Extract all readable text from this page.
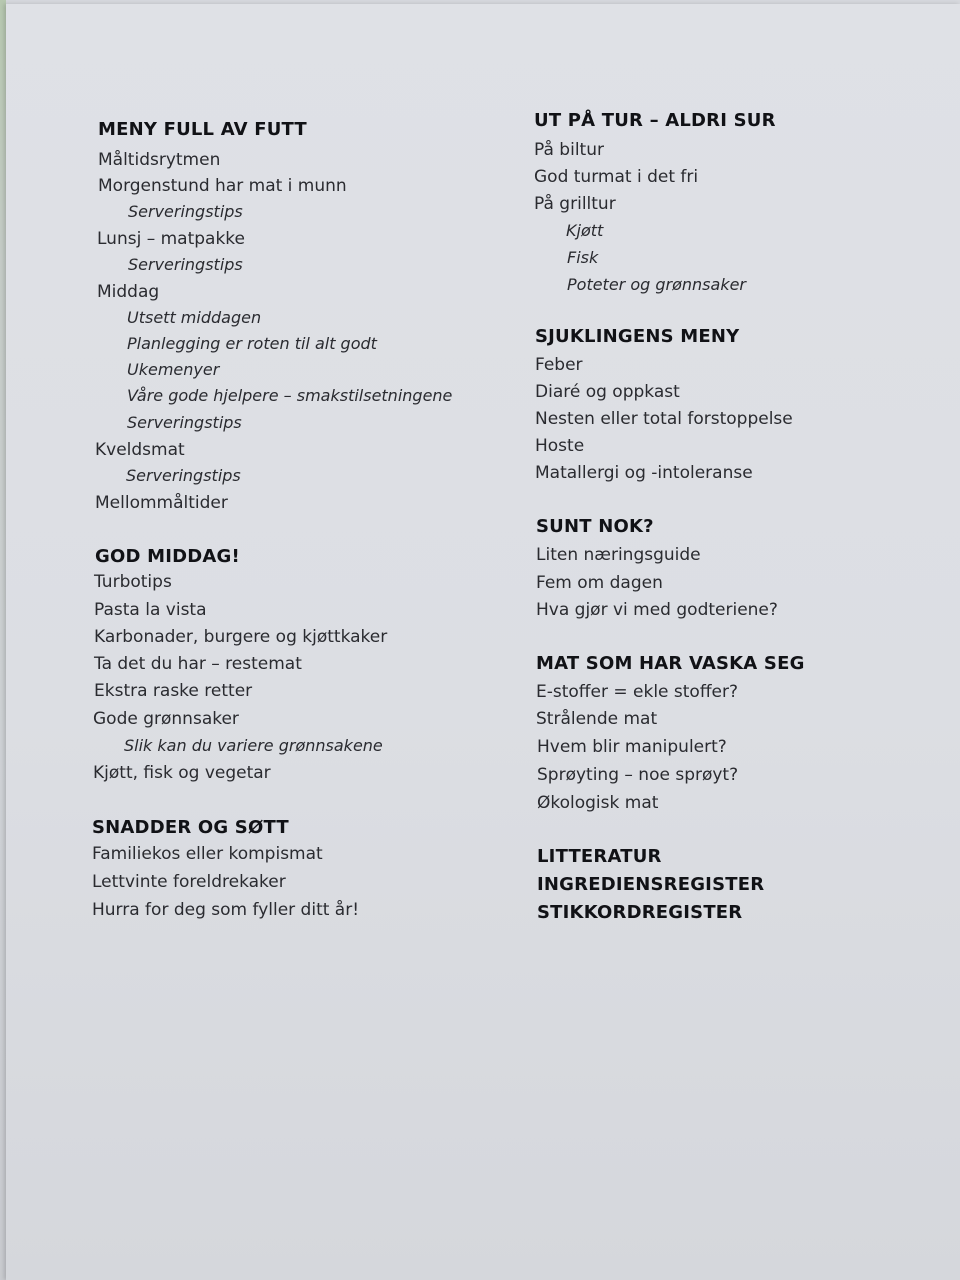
MENY FULL AV FUTT
Måltidsrytmen
Morgenstund har mat i munn
Serveringstips
Lunsj – matpakke
Serveringstips
Middag
Utsett middagen
Planlegging er roten til alt godt
Ukemenyer
Våre gode hjelpere – smakstilsetningene
Serveringstips
Kveldsmat
Serveringstips
Mellommåltider
GOD MIDDAG!
Turbotips
Pasta la vista
Karbonader, burgere og kjøttkaker
Ta det du har – restemat
Ekstra raske retter
Gode grønnsaker
Slik kan du variere grønnsakene
Kjøtt, fisk og vegetar
SNADDER OG SØTT
Familiekos eller kompismat
Lettvinte foreldrekaker
Hurra for deg som fyller ditt år!
UT PÅ TUR – ALDRI SUR
På biltur
God turmat i det fri
På grilltur
Kjøtt
Fisk
Poteter og grønnsaker
SJUKLINGENS MENY
Feber
Diaré og oppkast
Nesten eller total forstoppelse
Hoste
Matallergi og -intoleranse
SUNT NOK?
Liten næringsguide
Fem om dagen
Hva gjør vi med godteriene?
MAT SOM HAR VASKA SEG
E-stoffer = ekle stoffer?
Strålende mat
Hvem blir manipulert?
Sprøyting – noe sprøyt?
Økologisk mat
LITTERATUR
INGREDIENSREGISTER
STIKKORDREGISTER
